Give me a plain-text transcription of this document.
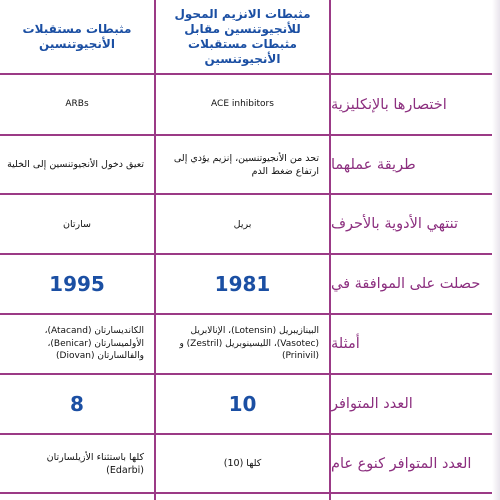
مثبطات الانزيم المحول للأنجيوتنسين مقابل مثبطات مستقبلات الأنجيوتنسين
مثبطات مستقبلات الأنجيوتنسين
اختصارها بالإنكليزية
ACE inhibitors
ARBs
طريقة عملهما
تحد من الأنجيوتنسين، إنزيم يؤدي إلى ارتفاع ضغط الدم
تعيق دخول الأنجيوتنسين إلى الخلية
تنتهي الأدوية بالأحرف
بريل
سارتان
حصلت على الموافقة في
1981
1995
أمثلة
البينازيبريل (Lotensin)، الإنالابريل (Vasotec)، الليسينوبريل (Zestril) و (Prinivil)
الكانديسارتان (Atacand)، الأولميسارتان (Benicar)، والفالسارتان (Diovan)
العدد المتوافر
10
8
العدد المتوافر كنوع عام
كلها (10)
كلها باستثناء الأزيلسارتان (Edarbi)
